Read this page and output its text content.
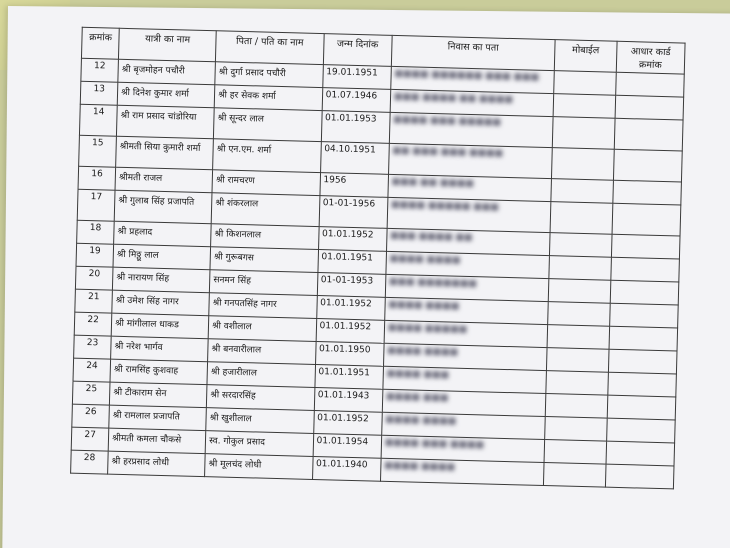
क्रमांक	यात्री का नाम	पिता / पति का नाम	जन्म दिनांक	निवास का पता	मोबाईल	आधार कार्ड क्रमांक
12	श्री बृजमोहन पचौरी	श्री दुर्गा प्रसाद पचौरी	19.01.1951	■■■■ ■■■■■■ ■■■ ■■■		
13	श्री दिनेश कुमार शर्मा	श्री हर सेवक शर्मा	01.07.1946	■■■ ■■■■ ■■ ■■■■		
14	श्री राम प्रसाद चांडोरिया	श्री सून्दर लाल	01.01.1953	■■■■ ■■■ ■■■■■		
15	श्रीमती सिया कुमारी शर्मा	श्री एन.एम. शर्मा	04.10.1951	■■ ■■■ ■■■ ■■■■		
16	श्रीमती राजल	श्री रामचरण	1956	■■■ ■■ ■■■■		
17	श्री गुलाब सिंह प्रजापति	श्री शंकरलाल	01-01-1956	■■■■ ■■■■■ ■■■		
18	श्री प्रहलाद	श्री किशनलाल	01.01.1952	■■■ ■■■■ ■■		
19	श्री मिठ्ठू लाल	श्री गुरूबगस	01.01.1951	■■■■ ■■■■		
20	श्री नारायण सिंह	सनमन सिंह	01-01-1953	■■■ ■■■■■■■		
21	श्री उमेश सिंह नागर	श्री गनपतसिंह नागर	01.01.1952	■■■■ ■■■■		
22	श्री मांगीलाल धाकड	श्री वशीलाल	01.01.1952	■■■■ ■■■■■		
23	श्री नरेश भार्गव	श्री बनवारीलाल	01.01.1950	■■■■ ■■■■		
24	श्री रामसिंह कुशवाह	श्री हजारीलाल	01.01.1951	■■■■ ■■■		
25	श्री टीकाराम सेन	श्री सरदारसिंह	01.01.1943	■■■■ ■■■		
26	श्री रामलाल प्रजापति	श्री खुशीलाल	01.01.1952	■■■■ ■■■■		
27	श्रीमती कमला चौकसे	स्व. गोकुल प्रसाद	01.01.1954	■■■■ ■■■ ■■■■		
28	श्री हरप्रसाद लोधी	श्री मूलचंद लोधी	01.01.1940	■■■■ ■■■■		
